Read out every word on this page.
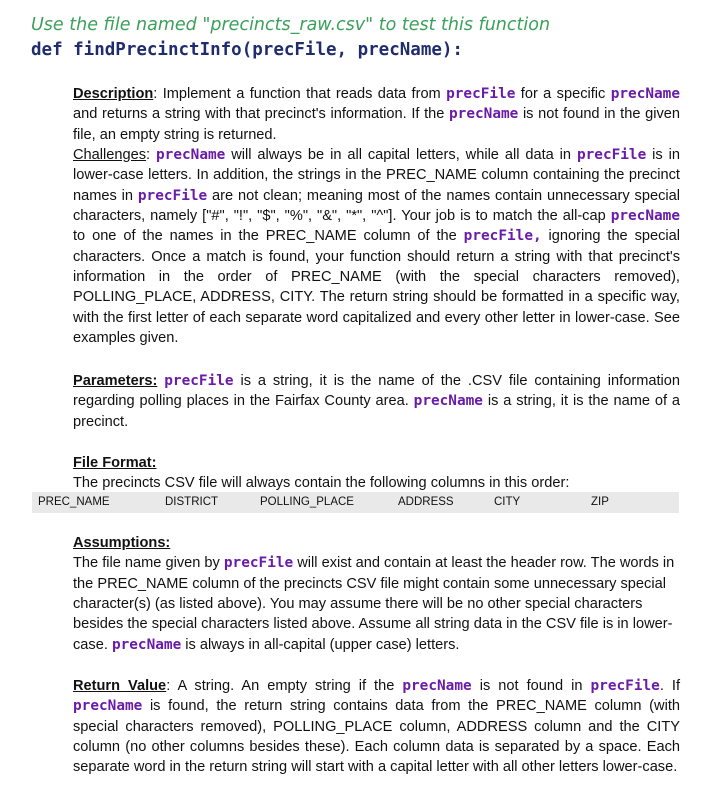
Use the file named "precincts_raw.csv" to test this function
def findPrecinctInfo(precFile, precName):
Description: Implement a function that reads data from precFile for a specific precName and returns a string with that precinct's information. If the precName is not found in the given file, an empty string is returned.
Challenges: precName will always be in all capital letters, while all data in precFile is in lower-case letters. In addition, the strings in the PREC_NAME column containing the precinct names in precFile are not clean; meaning most of the names contain unnecessary special characters, namely ["#", "!", "$", "%", "&", "*", "^"]. Your job is to match the all-cap precName to one of the names in the PREC_NAME column of the precFile, ignoring the special characters. Once a match is found, your function should return a string with that precinct's information in the order of PREC_NAME (with the special characters removed), POLLING_PLACE, ADDRESS, CITY. The return string should be formatted in a specific way, with the first letter of each separate word capitalized and every other letter in lower-case. See examples given.
Parameters: precFile is a string, it is the name of the .CSV file containing information regarding polling places in the Fairfax County area. precName is a string, it is the name of a precinct.
File Format:
The precincts CSV file will always contain the following columns in this order:
PREC_NAME	DISTRICT	POLLING_PLACE	ADDRESS	CITY	ZIP
Assumptions:
The file name given by precFile will exist and contain at least the header row. The words in the PREC_NAME column of the precincts CSV file might contain some unnecessary special character(s) (as listed above). You may assume there will be no other special characters besides the special characters listed above. Assume all string data in the CSV file is in lower-case. precName is always in all-capital (upper case) letters.
Return Value: A string. An empty string if the precName is not found in precFile. If precName is found, the return string contains data from the PREC_NAME column (with special characters removed), POLLING_PLACE column, ADDRESS column and the CITY column (no other columns besides these). Each column data is separated by a space. Each separate word in the return string will start with a capital letter with all other letters lower-case.
